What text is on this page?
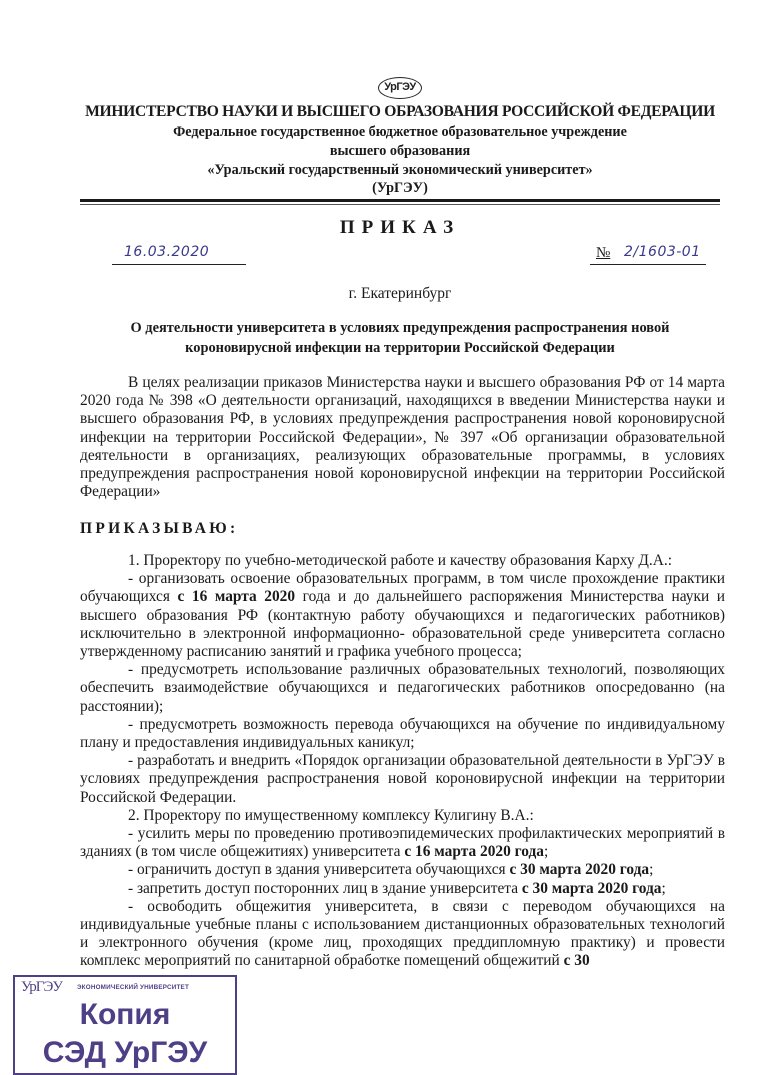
УрГЭУ
МИНИСТЕРСТВО НАУКИ И ВЫСШЕГО ОБРАЗОВАНИЯ РОССИЙСКОЙ ФЕДЕРАЦИИ
Федеральное государственное бюджетное образовательное учреждение
высшего образования
«Уральский государственный экономический университет»
(УрГЭУ)
ПРИКАЗ
16.03.2020	№ 2/1603-01
г. Екатеринбург
О деятельности университета в условиях предупреждения распространения новой
короновирусной инфекции на территории Российской Федерации
В целях реализации приказов Министерства науки и высшего образования РФ от 14 марта 2020 года № 398 «О деятельности организаций, находящихся в введении Министерства науки и высшего образования РФ, в условиях предупреждения распространения новой короновирусной инфекции на территории Российской Федерации», № 397 «Об организации образовательной деятельности в организациях, реализующих образовательные программы, в условиях предупреждения распространения новой короновирусной инфекции на территории Российской Федерации»
ПРИКАЗЫВАЮ:
1. Проректору по учебно-методической работе и качеству образования Карху Д.А.:
- организовать освоение образовательных программ, в том числе прохождение практики обучающихся с 16 марта 2020 года и до дальнейшего распоряжения Министерства науки и высшего образования РФ (контактную работу обучающихся и педагогических работников) исключительно в электронной информационно- образовательной среде университета согласно утвержденному расписанию занятий и графика учебного процесса;
- предусмотреть использование различных образовательных технологий, позволяющих обеспечить взаимодействие обучающихся и педагогических работников опосредованно (на расстоянии);
- предусмотреть возможность перевода обучающихся на обучение по индивидуальному плану и предоставления индивидуальных каникул;
- разработать и внедрить «Порядок организации образовательной деятельности в УрГЭУ в условиях предупреждения распространения новой короновирусной инфекции на территории Российской Федерации.
2. Проректору по имущественному комплексу Кулигину В.А.:
- усилить меры по проведению противоэпидемических профилактических мероприятий в зданиях (в том числе общежитиях) университета с 16 марта 2020 года;
- ограничить доступ в здания университета обучающихся с 30 марта 2020 года;
- запретить доступ посторонних лиц в здание университета с 30 марта 2020 года;
- освободить общежития университета, в связи с переводом обучающихся на индивидуальные учебные планы с использованием дистанционных образовательных технологий и электронного обучения (кроме лиц, проходящих преддипломную практику) и провести комплекс мероприятий по санитарной обработке помещений общежитий с 30
УрГЭУ ЭКОНОМИЧЕСКИЙ УНИВЕРСИТЕТ
Копия
СЭД УрГЭУ
